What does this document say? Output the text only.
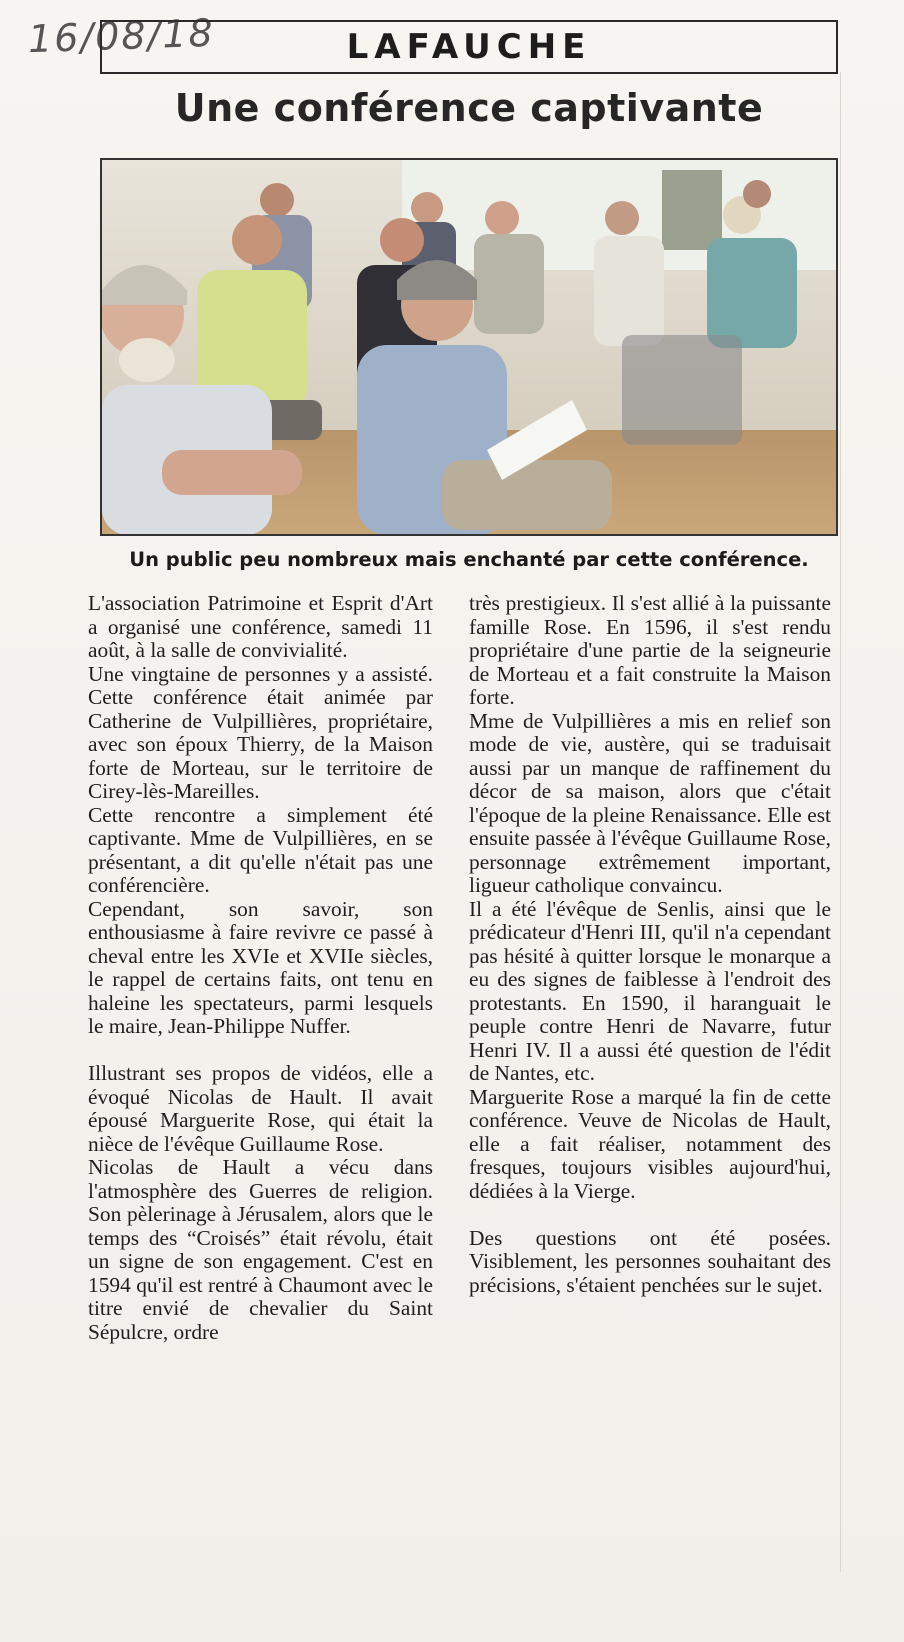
16/08/18	LAFAUCHE
Une conférence captivante
Un public peu nombreux mais enchanté par cette conférence.

L'association Patrimoine et Esprit d'Art a organisé une conférence, samedi 11 août, à la salle de convivialité.

Une vingtaine de personnes y a assisté. Cette conférence était animée par Catherine de Vulpillières, propriétaire, avec son époux Thierry, de la Maison forte de Morteau, sur le territoire de Cirey-lès-Mareilles.

Cette rencontre a simplement été captivante. Mme de Vulpillières, en se présentant, a dit qu'elle n'était pas une conférencière.

Cependant, son savoir, son enthousiasme à faire revivre ce passé à cheval entre les XVIe et XVIIe siècles, le rappel de certains faits, ont tenu en haleine les spectateurs, parmi lesquels le maire, Jean-Philippe Nuffer.

Illustrant ses propos de vidéos, elle a évoqué Nicolas de Hault. Il avait épousé Marguerite Rose, qui était la nièce de l'évêque Guillaume Rose.

Nicolas de Hault a vécu dans l'atmosphère des Guerres de religion. Son pèlerinage à Jérusalem, alors que le temps des “Croisés” était révolu, était un signe de son engagement. C'est en 1594 qu'il est rentré à Chaumont avec le titre envié de chevalier du Saint Sépulcre, ordre

très prestigieux. Il s'est allié à la puissante famille Rose. En 1596, il s'est rendu propriétaire d'une partie de la seigneurie de Morteau et a fait construite la Maison forte.

Mme de Vulpillières a mis en relief son mode de vie, austère, qui se traduisait aussi par un manque de raffinement du décor de sa maison, alors que c'était l'époque de la pleine Renaissance. Elle est ensuite passée à l'évêque Guillaume Rose, personnage extrêmement important, ligueur catholique convaincu.

Il a été l'évêque de Senlis, ainsi que le prédicateur d'Henri III, qu'il n'a cependant pas hésité à quitter lorsque le monarque a eu des signes de faiblesse à l'endroit des protestants. En 1590, il haranguait le peuple contre Henri de Navarre, futur Henri IV. Il a aussi été question de l'édit de Nantes, etc.

Marguerite Rose a marqué la fin de cette conférence. Veuve de Nicolas de Hault, elle a fait réaliser, notamment des fresques, toujours visibles aujourd'hui, dédiées à la Vierge.

Des questions ont été posées. Visiblement, les personnes souhaitant des précisions, s'étaient penchées sur le sujet.
